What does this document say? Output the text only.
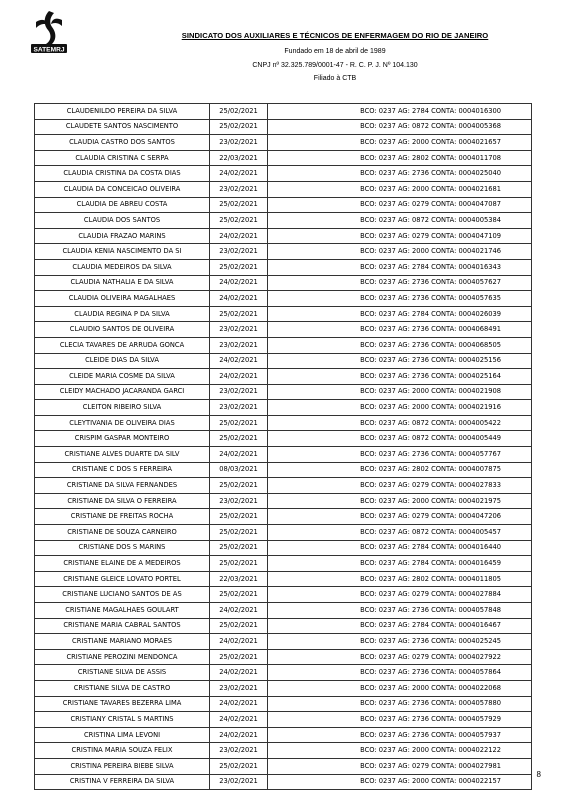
SATEMRJ
SINDICATO DOS AUXILIARES E TÉCNICOS DE ENFERMAGEM DO RIO DE JANEIRO
Fundado em 18 de abril de 1989
CNPJ nº 32.325.789/0001-47 - R. C. P. J. Nº 104.130
Filiado à CTB
CLAUDENILDO PEREIRA DA SILVA	25/02/2021	BCO: 0237 AG: 2784 CONTA: 0004016300
CLAUDETE SANTOS NASCIMENTO	25/02/2021	BCO: 0237 AG: 0872 CONTA: 0004005368
CLAUDIA CASTRO DOS SANTOS	23/02/2021	BCO: 0237 AG: 2000 CONTA: 0004021657
CLAUDIA CRISTINA C SERPA	22/03/2021	BCO: 0237 AG: 2802 CONTA: 0004011708
CLAUDIA CRISTINA DA COSTA DIAS	24/02/2021	BCO: 0237 AG: 2736 CONTA: 0004025040
CLAUDIA DA CONCEICAO OLIVEIRA	23/02/2021	BCO: 0237 AG: 2000 CONTA: 0004021681
CLAUDIA DE ABREU COSTA	25/02/2021	BCO: 0237 AG: 0279 CONTA: 0004047087
CLAUDIA DOS SANTOS	25/02/2021	BCO: 0237 AG: 0872 CONTA: 0004005384
CLAUDIA FRAZAO MARINS	24/02/2021	BCO: 0237 AG: 0279 CONTA: 0004047109
CLAUDIA KENIA NASCIMENTO DA SI	23/02/2021	BCO: 0237 AG: 2000 CONTA: 0004021746
CLAUDIA MEDEIROS DA SILVA	25/02/2021	BCO: 0237 AG: 2784 CONTA: 0004016343
CLAUDIA NATHALIA E DA SILVA	24/02/2021	BCO: 0237 AG: 2736 CONTA: 0004057627
CLAUDIA OLIVEIRA MAGALHAES	24/02/2021	BCO: 0237 AG: 2736 CONTA: 0004057635
CLAUDIA REGINA P DA SILVA	25/02/2021	BCO: 0237 AG: 2784 CONTA: 0004026039
CLAUDIO SANTOS DE OLIVEIRA	23/02/2021	BCO: 0237 AG: 2736 CONTA: 0004068491
CLECIA TAVARES DE ARRUDA GONCA	23/02/2021	BCO: 0237 AG: 2736 CONTA: 0004068505
CLEIDE DIAS DA SILVA	24/02/2021	BCO: 0237 AG: 2736 CONTA: 0004025156
CLEIDE MARIA COSME DA SILVA	24/02/2021	BCO: 0237 AG: 2736 CONTA: 0004025164
CLEIDY MACHADO JACARANDA GARCI	23/02/2021	BCO: 0237 AG: 2000 CONTA: 0004021908
CLEITON RIBEIRO SILVA	23/02/2021	BCO: 0237 AG: 2000 CONTA: 0004021916
CLEYTIVANIA DE OLIVEIRA DIAS	25/02/2021	BCO: 0237 AG: 0872 CONTA: 0004005422
CRISPIM GASPAR MONTEIRO	25/02/2021	BCO: 0237 AG: 0872 CONTA: 0004005449
CRISTIANE ALVES DUARTE DA SILV	24/02/2021	BCO: 0237 AG: 2736 CONTA: 0004057767
CRISTIANE C DOS S FERREIRA	08/03/2021	BCO: 0237 AG: 2802 CONTA: 0004007875
CRISTIANE DA SILVA FERNANDES	25/02/2021	BCO: 0237 AG: 0279 CONTA: 0004027833
CRISTIANE DA SILVA O FERREIRA	23/02/2021	BCO: 0237 AG: 2000 CONTA: 0004021975
CRISTIANE DE FREITAS ROCHA	25/02/2021	BCO: 0237 AG: 0279 CONTA: 0004047206
CRISTIANE DE SOUZA CARNEIRO	25/02/2021	BCO: 0237 AG: 0872 CONTA: 0004005457
CRISTIANE DOS S MARINS	25/02/2021	BCO: 0237 AG: 2784 CONTA: 0004016440
CRISTIANE ELAINE DE A MEDEIROS	25/02/2021	BCO: 0237 AG: 2784 CONTA: 0004016459
CRISTIANE GLEICE LOVATO PORTEL	22/03/2021	BCO: 0237 AG: 2802 CONTA: 0004011805
CRISTIANE LUCIANO SANTOS DE AS	25/02/2021	BCO: 0237 AG: 0279 CONTA: 0004027884
CRISTIANE MAGALHAES GOULART	24/02/2021	BCO: 0237 AG: 2736 CONTA: 0004057848
CRISTIANE MARIA CABRAL SANTOS	25/02/2021	BCO: 0237 AG: 2784 CONTA: 0004016467
CRISTIANE MARIANO MORAES	24/02/2021	BCO: 0237 AG: 2736 CONTA: 0004025245
CRISTIANE PEROZINI MENDONCA	25/02/2021	BCO: 0237 AG: 0279 CONTA: 0004027922
CRISTIANE SILVA DE ASSIS	24/02/2021	BCO: 0237 AG: 2736 CONTA: 0004057864
CRISTIANE SILVA DE CASTRO	23/02/2021	BCO: 0237 AG: 2000 CONTA: 0004022068
CRISTIANE TAVARES BEZERRA LIMA	24/02/2021	BCO: 0237 AG: 2736 CONTA: 0004057880
CRISTIANY CRISTAL S MARTINS	24/02/2021	BCO: 0237 AG: 2736 CONTA: 0004057929
CRISTINA LIMA LEVONI	24/02/2021	BCO: 0237 AG: 2736 CONTA: 0004057937
CRISTINA MARIA SOUZA FELIX	23/02/2021	BCO: 0237 AG: 2000 CONTA: 0004022122
CRISTINA PEREIRA BIEBE SILVA	25/02/2021	BCO: 0237 AG: 0279 CONTA: 0004027981
CRISTINA V FERREIRA DA SILVA	23/02/2021	BCO: 0237 AG: 2000 CONTA: 0004022157
8
